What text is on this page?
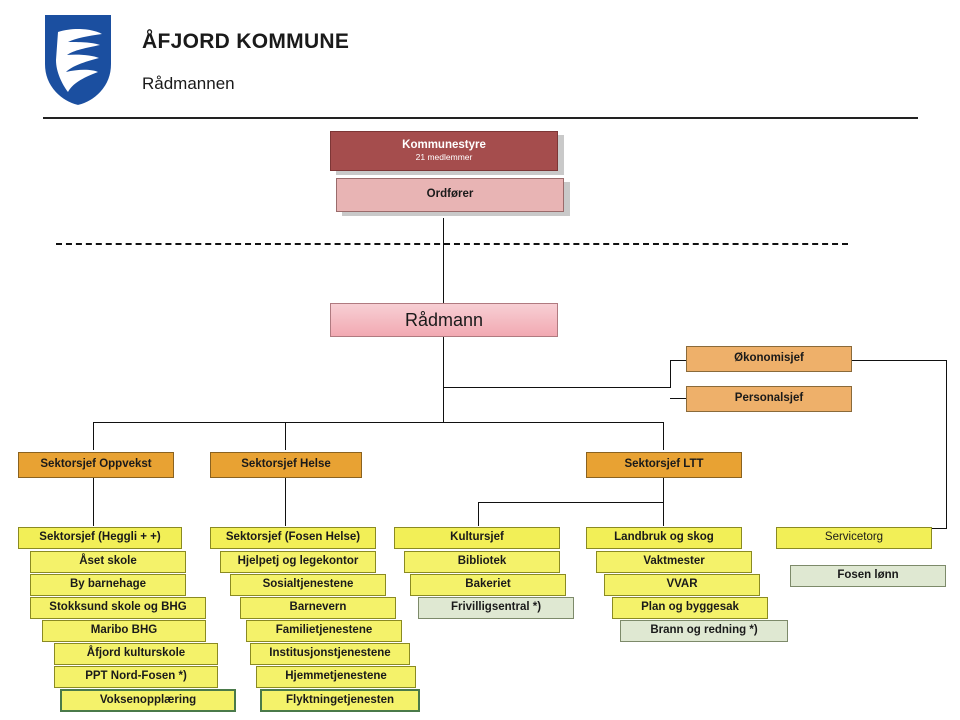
ÅFJORD KOMMUNE
Rådmannen
Kommunestyre
21 medlemmer
Ordfører
Rådmann
Økonomisjef
Personalsjef
Sektorsjef Oppvekst	Sektorsjef Helse	Sektorsjef LTT
Sektorsjef (Heggli + +)
Åset skole
By barnehage
Stokksund skole og BHG
Maribo BHG
Åfjord kulturskole
PPT Nord-Fosen *)
Voksenopplæring
Sektorsjef (Fosen Helse)
Hjelpetj og legekontor
Sosialtjenestene
Barnevern
Familietjenestene
Institusjonstjenestene
Hjemmetjenestene
Flyktningetjenesten
Kultursjef
Bibliotek
Bakeriet
Frivilligsentral *)
Landbruk og skog
Vaktmester
VVAR
Plan og byggesak
Brann og redning *)
Servicetorg
Fosen lønn
